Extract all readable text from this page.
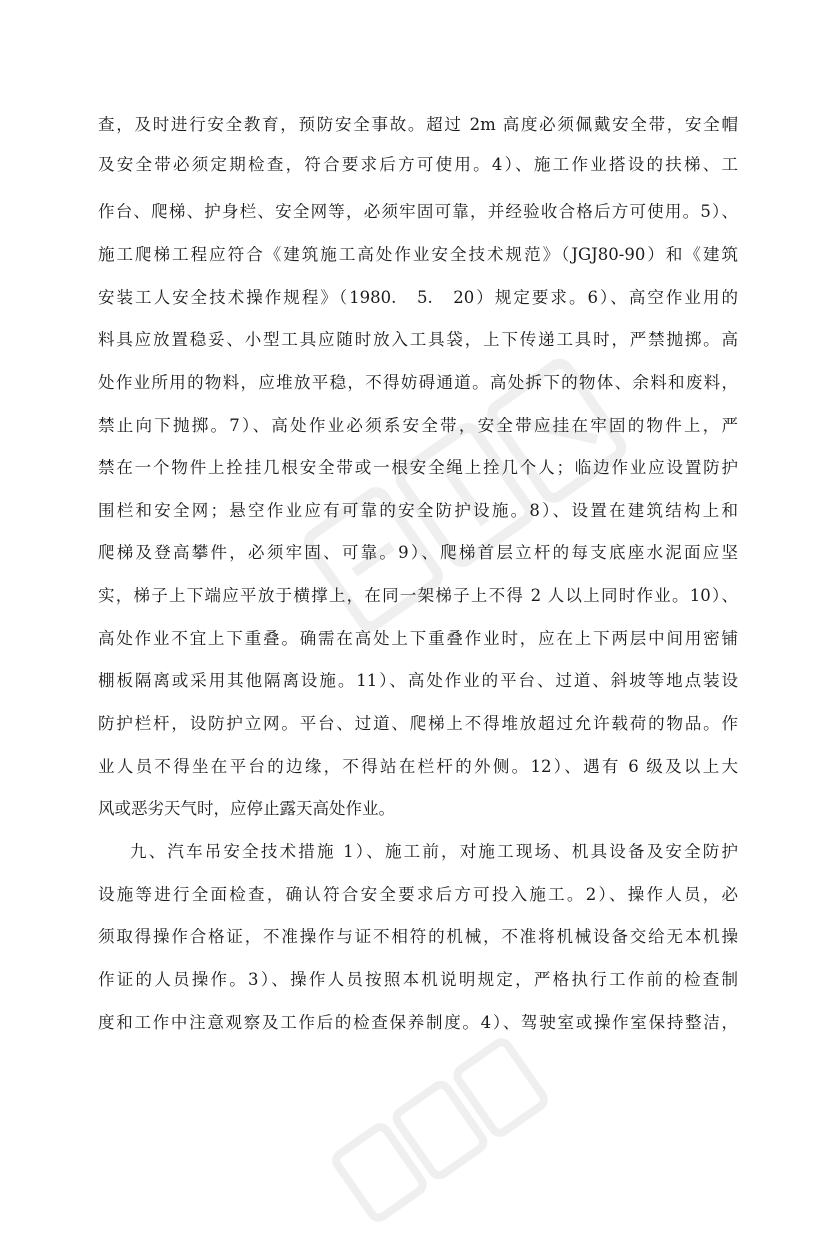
查，及时进行安全教育，预防安全事故。超过 2m 高度必须佩戴安全带，安全帽
及安全带必须定期检查，符合要求后方可使用。4）、施工作业搭设的扶梯、工
作台、爬梯、护身栏、安全网等，必须牢固可靠，并经验收合格后方可使用。5）、
施工爬梯工程应符合《建筑施工高处作业安全技术规范》（JGJ80-90）和《建筑
安装工人安全技术操作规程》（1980.　5.　20）规定要求。6）、高空作业用的
料具应放置稳妥、小型工具应随时放入工具袋，上下传递工具时，严禁抛掷。高
处作业所用的物料，应堆放平稳，不得妨碍通道。高处拆下的物体、余料和废料，
禁止向下抛掷。7）、高处作业必须系安全带，安全带应挂在牢固的物件上，严
禁在一个物件上拴挂几根安全带或一根安全绳上拴几个人；临边作业应设置防护
围栏和安全网；悬空作业应有可靠的安全防护设施。8）、设置在建筑结构上和
爬梯及登高攀件，必须牢固、可靠。9）、爬梯首层立杆的每支底座水泥面应坚
实，梯子上下端应平放于横撑上，在同一架梯子上不得 2 人以上同时作业。10）、
高处作业不宜上下重叠。确需在高处上下重叠作业时，应在上下两层中间用密铺
棚板隔离或采用其他隔离设施。11）、高处作业的平台、过道、斜坡等地点装设
防护栏杆，设防护立网。平台、过道、爬梯上不得堆放超过允许载荷的物品。作
业人员不得坐在平台的边缘，不得站在栏杆的外侧。12）、遇有 6 级及以上大
风或恶劣天气时，应停止露天高处作业。
九、汽车吊安全技术措施 1）、施工前，对施工现场、机具设备及安全防护
设施等进行全面检查，确认符合安全要求后方可投入施工。2）、操作人员，必
须取得操作合格证，不准操作与证不相符的机械，不准将机械设备交给无本机操
作证的人员操作。3）、操作人员按照本机说明规定，严格执行工作前的检查制
度和工作中注意观察及工作后的检查保养制度。4）、驾驶室或操作室保持整洁，
